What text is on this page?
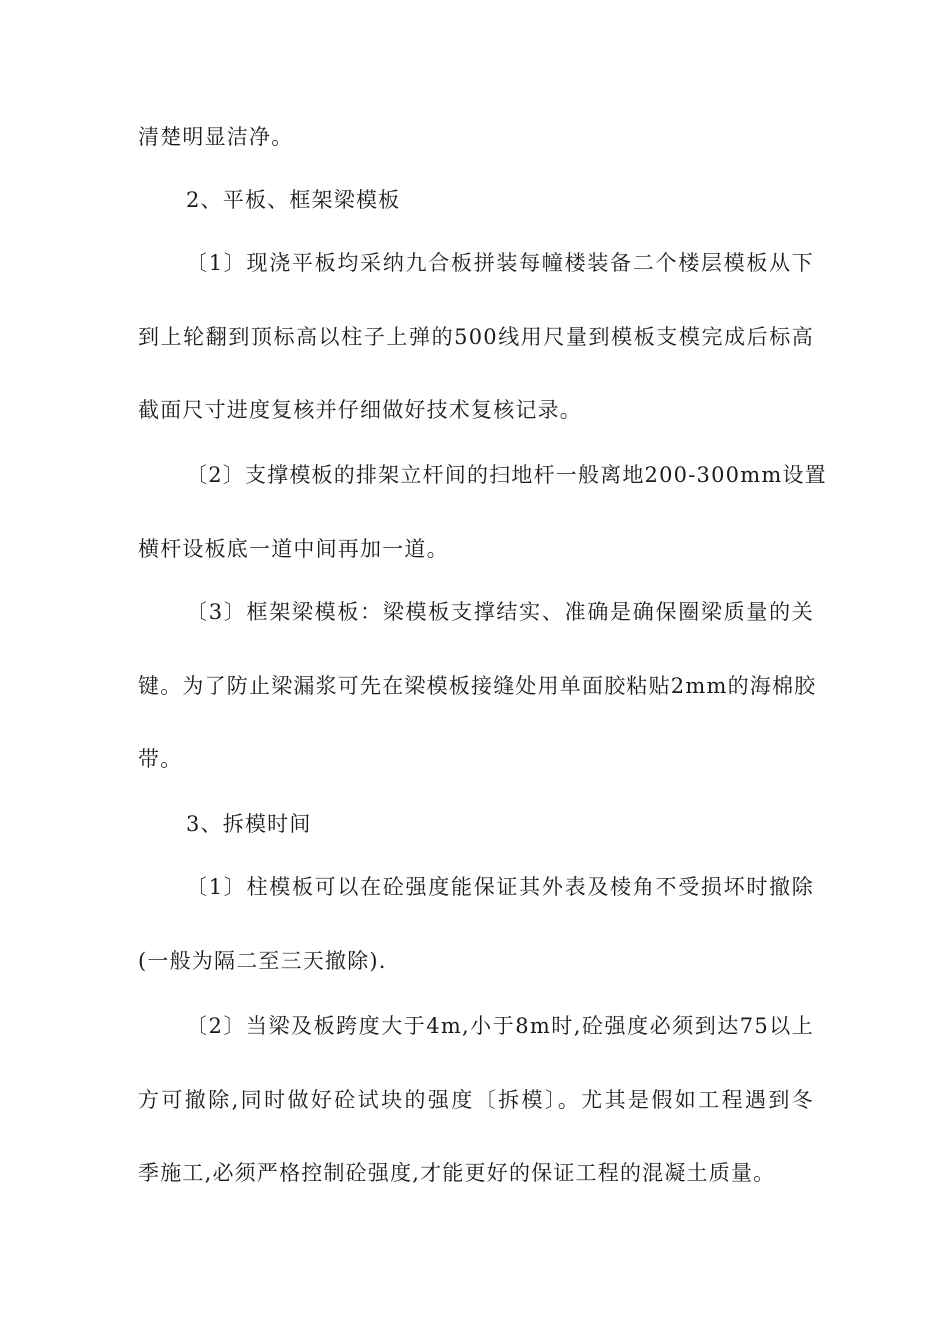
清楚明显洁净。
2、平板、框架梁模板
〔1〕现浇平板均采纳九合板拼装每幢楼装备二个楼层模板从下
到上轮翻到顶标高以柱子上弹的500线用尺量到模板支模完成后标高
截面尺寸进度复核并仔细做好技术复核记录。
〔2〕支撑模板的排架立杆间的扫地杆一般离地200-300mm设置
横杆设板底一道中间再加一道。
〔3〕框架梁模板：梁模板支撑结实、准确是确保圈梁质量的关
键。为了防止梁漏浆可先在梁模板接缝处用单面胶粘贴2mm的海棉胶
带。
3、拆模时间
〔1〕柱模板可以在砼强度能保证其外表及棱角不受损坏时撤除
(一般为隔二至三天撤除).
〔2〕当梁及板跨度大于4m,小于8m时,砼强度必须到达75以上
方可撤除,同时做好砼试块的强度〔拆模〕。尤其是假如工程遇到冬
季施工,必须严格控制砼强度,才能更好的保证工程的混凝土质量。
